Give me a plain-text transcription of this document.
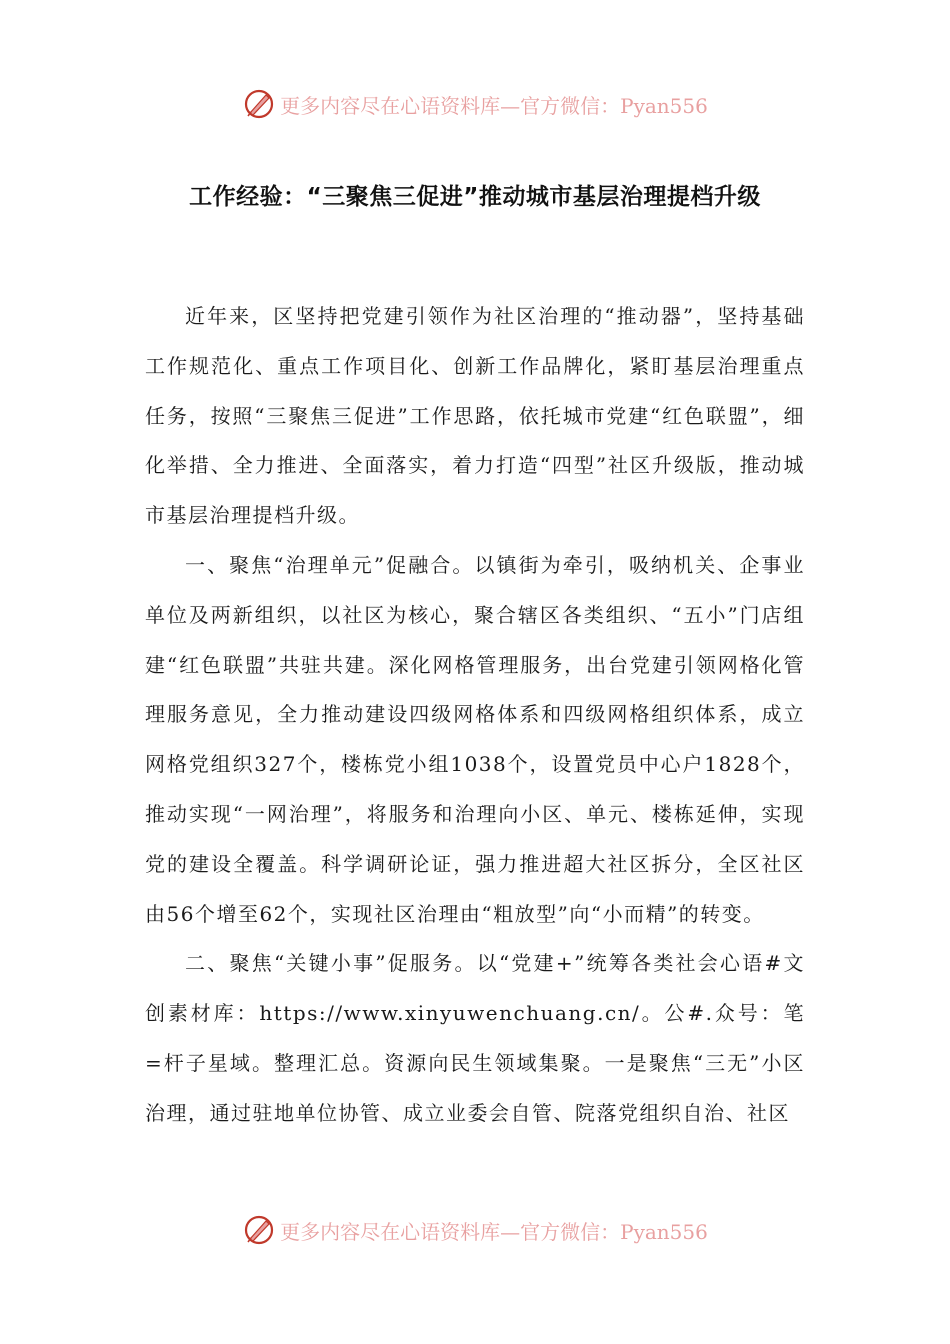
更多内容尽在心语资料库—官方微信：Pyan556
工作经验：“三聚焦三促进”推动城市基层治理提档升级

近年来，区坚持把党建引领作为社区治理的“推动器”，坚持基础工作规范化、重点工作项目化、创新工作品牌化，紧盯基层治理重点任务，按照“三聚焦三促进”工作思路，依托城市党建“红色联盟”，细化举措、全力推进、全面落实，着力打造“四型”社区升级版，推动城市基层治理提档升级。

一、聚焦“治理单元”促融合。以镇街为牵引，吸纳机关、企事业单位及两新组织，以社区为核心，聚合辖区各类组织、“五小”门店组建“红色联盟”共驻共建。深化网格管理服务，出台党建引领网格化管理服务意见，全力推动建设四级网格体系和四级网格组织体系，成立网格党组织327个，楼栋党小组1038个，设置党员中心户1828个，推动实现“一网治理”，将服务和治理向小区、单元、楼栋延伸，实现党的建设全覆盖。科学调研论证，强力推进超大社区拆分，全区社区由56个增至62个，实现社区治理由“粗放型”向“小而精”的转变。

二、聚焦“关键小事”促服务。以“党建+”统筹各类社会心语#文创素材库：https://www.xinyuwenchuang.cn/。公#.众号：笔=杆子星域。整理汇总。资源向民生领域集聚。一是聚焦“三无”小区治理，通过驻地单位协管、成立业委会自管、院落党组织自治、社区

更多内容尽在心语资料库—官方微信：Pyan556
